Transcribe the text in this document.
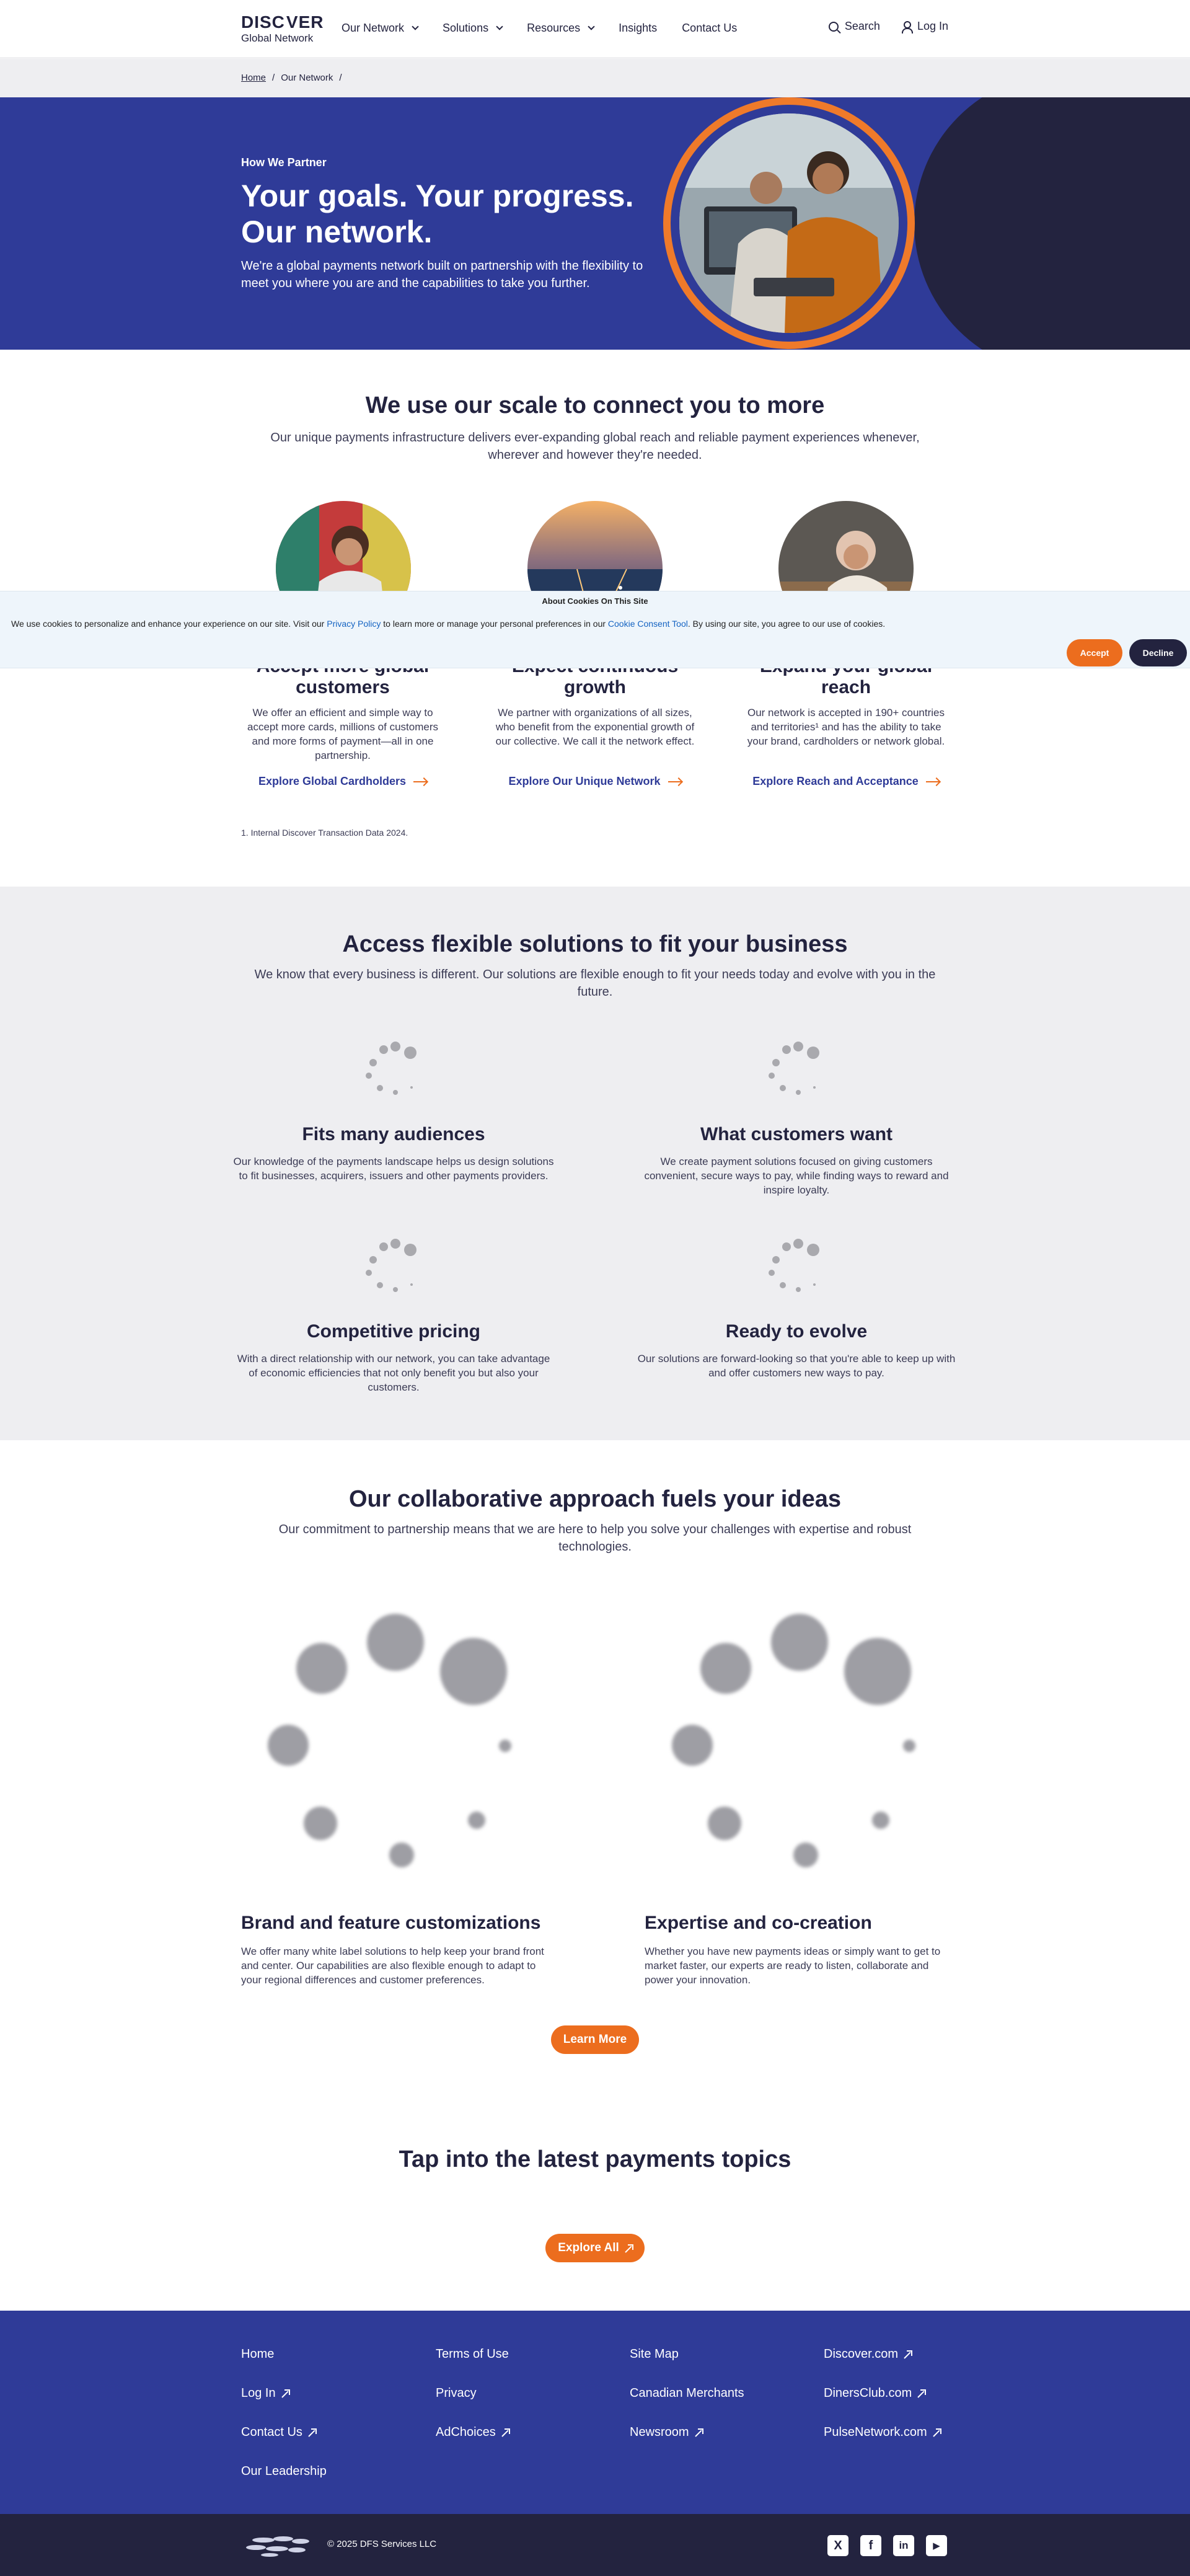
DISC VER
Global Network
Our Network	Solutions	Resources	Insights Contact Us	Search	Log In
Home / Our Network /
How We Partner
Your goals. Your progress. Our network.
We're a global payments network built on partnership with the flexibility to meet you where you are and the capabilities to take you further.
We use our scale to connect you to more
Our unique payments infrastructure delivers ever-expanding global reach and reliable payment experiences whenever, wherever and however they're needed.
customers
We offer an efficient and simple way to accept more cards, millions of customers and more forms of payment—all in one partnership.
Explore Global Cardholders
growth
We partner with organizations of all sizes, who benefit from the exponential growth of our collective. We call it the network effect.
Explore Our Unique Network
reach
Our network is accepted in 190+ countries and territories¹ and has the ability to take your brand, cardholders or network global.
Explore Reach and Acceptance
1. Internal Discover Transaction Data 2024.
About Cookies On This Site
We use cookies to personalize and enhance your experience on our site. Visit our Privacy Policy to learn more or manage your personal preferences in our Cookie Consent Tool. By using our site, you agree to our use of cookies.
Accept	Decline
Access flexible solutions to fit your business
We know that every business is different. Our solutions are flexible enough to fit your needs today and evolve with you in the future.
Fits many audiences
Our knowledge of the payments landscape helps us design solutions to fit businesses, acquirers, issuers and other payments providers.
What customers want
We create payment solutions focused on giving customers convenient, secure ways to pay, while finding ways to reward and inspire loyalty.
Competitive pricing
With a direct relationship with our network, you can take advantage of economic efficiencies that not only benefit you but also your customers.
Ready to evolve
Our solutions are forward-looking so that you're able to keep up with and offer customers new ways to pay.
Our collaborative approach fuels your ideas
Our commitment to partnership means that we are here to help you solve your challenges with expertise and robust technologies.
Brand and feature customizations
We offer many white label solutions to help keep your brand front and center. Our capabilities are also flexible enough to adapt to your regional differences and customer preferences.
Expertise and co-creation
Whether you have new payments ideas or simply want to get to market faster, our experts are ready to listen, collaborate and power your innovation.
Learn More
Tap into the latest payments topics
Explore All
Home
Log In
Contact Us
Our Leadership
Terms of Use
Privacy
AdChoices
Site Map
Canadian Merchants
Newsroom
Discover.com
DinersClub.com
PulseNetwork.com
© 2025 DFS Services LLC	X	f	in	▶
